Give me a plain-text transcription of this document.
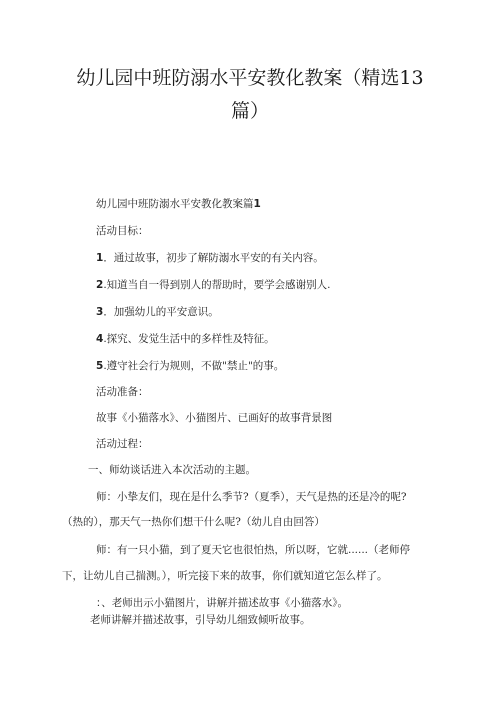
幼儿园中班防溺水平安教化教案（精选13
篇）
幼儿园中班防溺水平安教化教案篇1
活动目标：
1．通过故事，初步了解防溺水平安的有关内容。
2.知道当自一得到别人的帮助时，要学会感谢别人.
3．加强幼儿的平安意识。
4.探究、发觉生活中的多样性及特征。
5.遵守社会行为规则，不做"禁止"的事。
活动准备：
故事《小猫落水》、小猫图片、已画好的故事背景图
活动过程：
一、师幼谈话进入本次活动的主题。
师：小挚友们，现在是什么季节?（夏季），天气是热的还是冷的呢?
（热的），那天气一热你们想干什么呢?（幼儿自由回答）
师：有一只小猫，到了夏天它也很怕热，所以呀，它就......（老师停
下，让幼儿自己揣测。），听完接下来的故事，你们就知道它怎么样了。
：、老师出示小猫图片，讲解并描述故事《小猫落水》。
老师讲解并描述故事，引导幼儿细致倾听故事。
